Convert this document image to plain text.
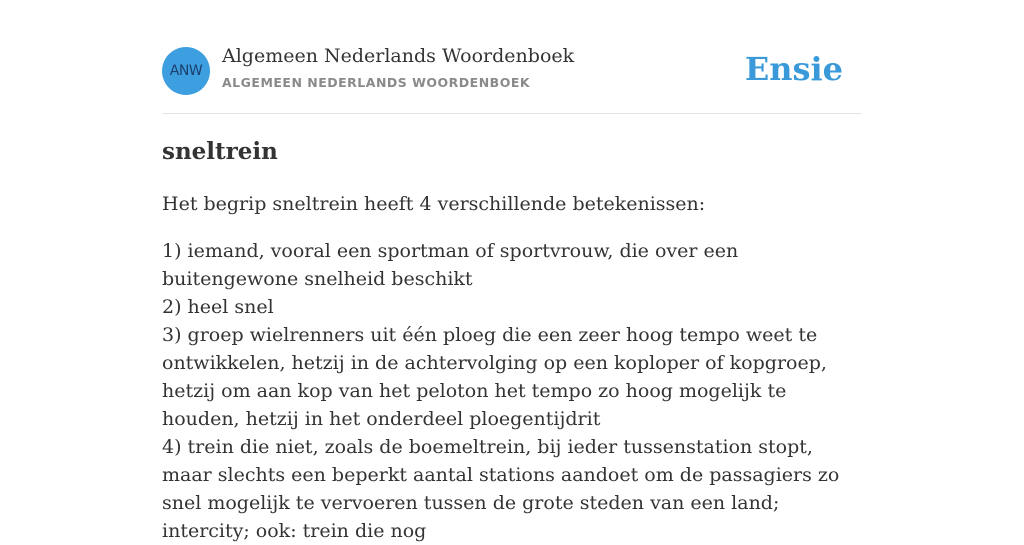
ANW
Algemeen Nederlands Woordenboek
ALGEMEEN NEDERLANDS WOORDENBOEK	Ensie
sneltrein

Het begrip sneltrein heeft 4 verschillende betekenissen:

1) iemand, vooral een sportman of sportvrouw, die over een buitengewone snelheid beschikt
2) heel snel
3) groep wielrenners uit één ploeg die een zeer hoog tempo weet te ontwikkelen, hetzij in de achtervolging op een koploper of kopgroep, hetzij om aan kop van het peloton het tempo zo hoog mogelijk te houden, hetzij in het onderdeel ploegentijdrit
4) trein die niet, zoals de boemeltrein, bij ieder tussenstation stopt, maar slechts een beperkt aantal stations aandoet om de passagiers zo snel mogelijk te vervoeren tussen de grote steden van een land; intercity; ook: trein die nog
